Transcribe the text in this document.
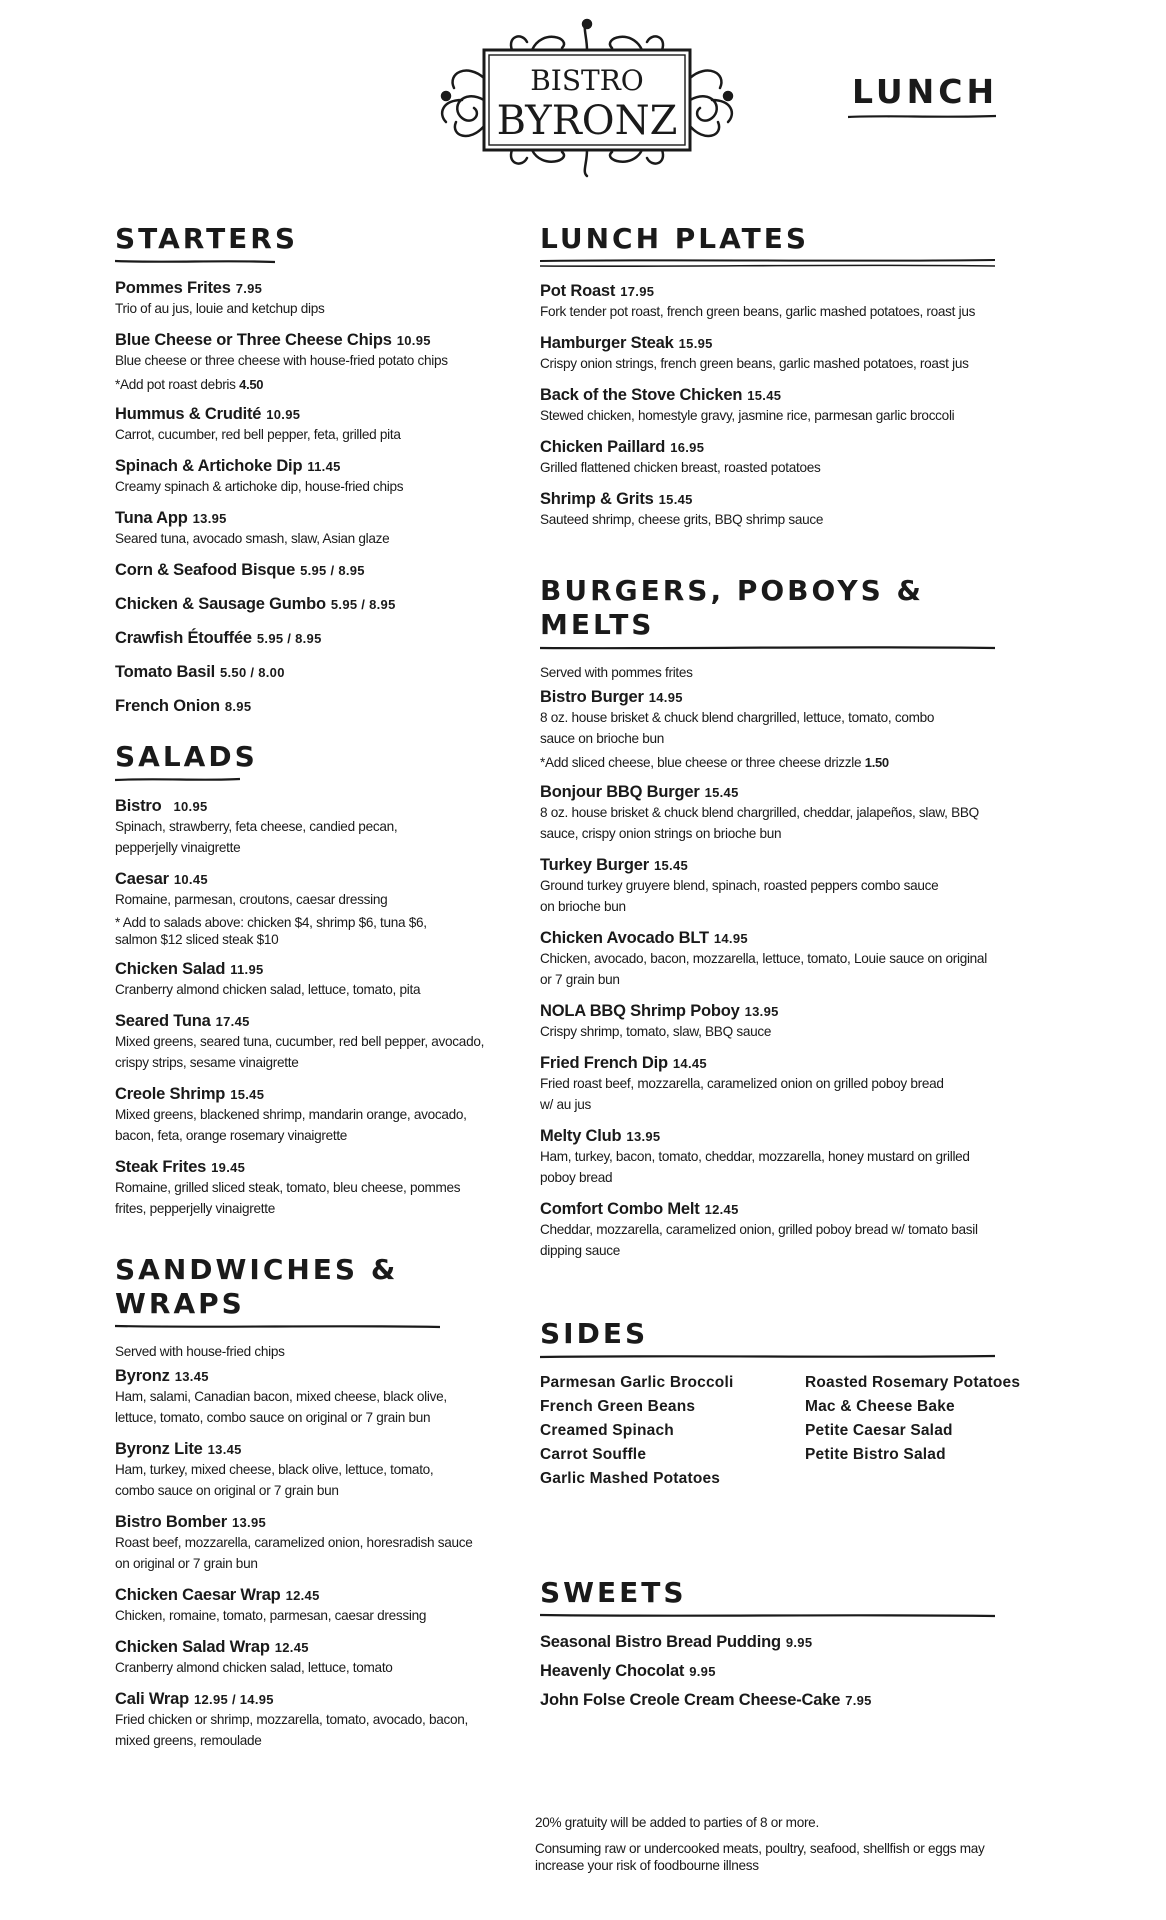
BISTRO
BYRONZ
LUNCH
STARTERS
Pommes Frites 7.95
Trio of au jus, louie and ketchup dips
Blue Cheese or Three Cheese Chips 10.95
Blue cheese or three cheese with house-fried potato chips
*Add pot roast debris 4.50
Hummus & Crudité 10.95
Carrot, cucumber, red bell pepper, feta, grilled pita
Spinach & Artichoke Dip 11.45
Creamy spinach & artichoke dip, house-fried chips
Tuna App 13.95
Seared tuna, avocado smash, slaw, Asian glaze
Corn & Seafood Bisque 5.95 / 8.95
Chicken & Sausage Gumbo 5.95 / 8.95
Crawfish Étouffée 5.95 / 8.95
Tomato Basil 5.50 / 8.00
French Onion 8.95
SALADS
Bistro 10.95
Spinach, strawberry, feta cheese, candied pecan, pepperjelly vinaigrette
Caesar 10.45
Romaine, parmesan, croutons, caesar dressing
* Add to salads above: chicken $4, shrimp $6, tuna $6, salmon $12 sliced steak $10
Chicken Salad 11.95
Cranberry almond chicken salad, lettuce, tomato, pita
Seared Tuna 17.45
Mixed greens, seared tuna, cucumber, red bell pepper, avocado, crispy strips, sesame vinaigrette
Creole Shrimp 15.45
Mixed greens, blackened shrimp, mandarin orange, avocado, bacon, feta, orange rosemary vinaigrette
Steak Frites 19.45
Romaine, grilled sliced steak, tomato, bleu cheese, pommes frites, pepperjelly vinaigrette
SANDWICHES & WRAPS
Served with house-fried chips
Byronz 13.45
Ham, salami, Canadian bacon, mixed cheese, black olive, lettuce, tomato, combo sauce on original or 7 grain bun
Byronz Lite 13.45
Ham, turkey, mixed cheese, black olive, lettuce, tomato, combo sauce on original or 7 grain bun
Bistro Bomber 13.95
Roast beef, mozzarella, caramelized onion, horesradish sauce on original or 7 grain bun
Chicken Caesar Wrap 12.45
Chicken, romaine, tomato, parmesan, caesar dressing
Chicken Salad Wrap 12.45
Cranberry almond chicken salad, lettuce, tomato
Cali Wrap 12.95 / 14.95
Fried chicken or shrimp, mozzarella, tomato, avocado, bacon, mixed greens, remoulade
LUNCH PLATES
Pot Roast 17.95
Fork tender pot roast, french green beans, garlic mashed potatoes, roast jus
Hamburger Steak 15.95
Crispy onion strings, french green beans, garlic mashed potatoes, roast jus
Back of the Stove Chicken 15.45
Stewed chicken, homestyle gravy, jasmine rice, parmesan garlic broccoli
Chicken Paillard 16.95
Grilled flattened chicken breast, roasted potatoes
Shrimp & Grits 15.45
Sauteed shrimp, cheese grits, BBQ shrimp sauce
BURGERS, POBOYS & MELTS
Served with pommes frites
Bistro Burger 14.95
8 oz. house brisket & chuck blend chargrilled, lettuce, tomato, combo sauce on brioche bun
*Add sliced cheese, blue cheese or three cheese drizzle 1.50
Bonjour BBQ Burger 15.45
8 oz. house brisket & chuck blend chargrilled, cheddar, jalapeños, slaw, BBQ sauce, crispy onion strings on brioche bun
Turkey Burger 15.45
Ground turkey gruyere blend, spinach, roasted peppers combo sauce on brioche bun
Chicken Avocado BLT 14.95
Chicken, avocado, bacon, mozzarella, lettuce, tomato, Louie sauce on original or 7 grain bun
NOLA BBQ Shrimp Poboy 13.95
Crispy shrimp, tomato, slaw, BBQ sauce
Fried French Dip 14.45
Fried roast beef, mozzarella, caramelized onion on grilled poboy bread w/ au jus
Melty Club 13.95
Ham, turkey, bacon, tomato, cheddar, mozzarella, honey mustard on grilled poboy bread
Comfort Combo Melt 12.45
Cheddar, mozzarella, caramelized onion, grilled poboy bread w/ tomato basil dipping sauce
SIDES
Parmesan Garlic Broccoli	Roasted Rosemary Potatoes
French Green Beans	Mac & Cheese Bake
Creamed Spinach	Petite Caesar Salad
Carrot Souffle	Petite Bistro Salad
Garlic Mashed Potatoes
SWEETS
Seasonal Bistro Bread Pudding 9.95
Heavenly Chocolat 9.95
John Folse Creole Cream Cheese-Cake 7.95
20% gratuity will be added to parties of 8 or more.
Consuming raw or undercooked meats, poultry, seafood, shellfish or eggs may increase your risk of foodbourne illness
